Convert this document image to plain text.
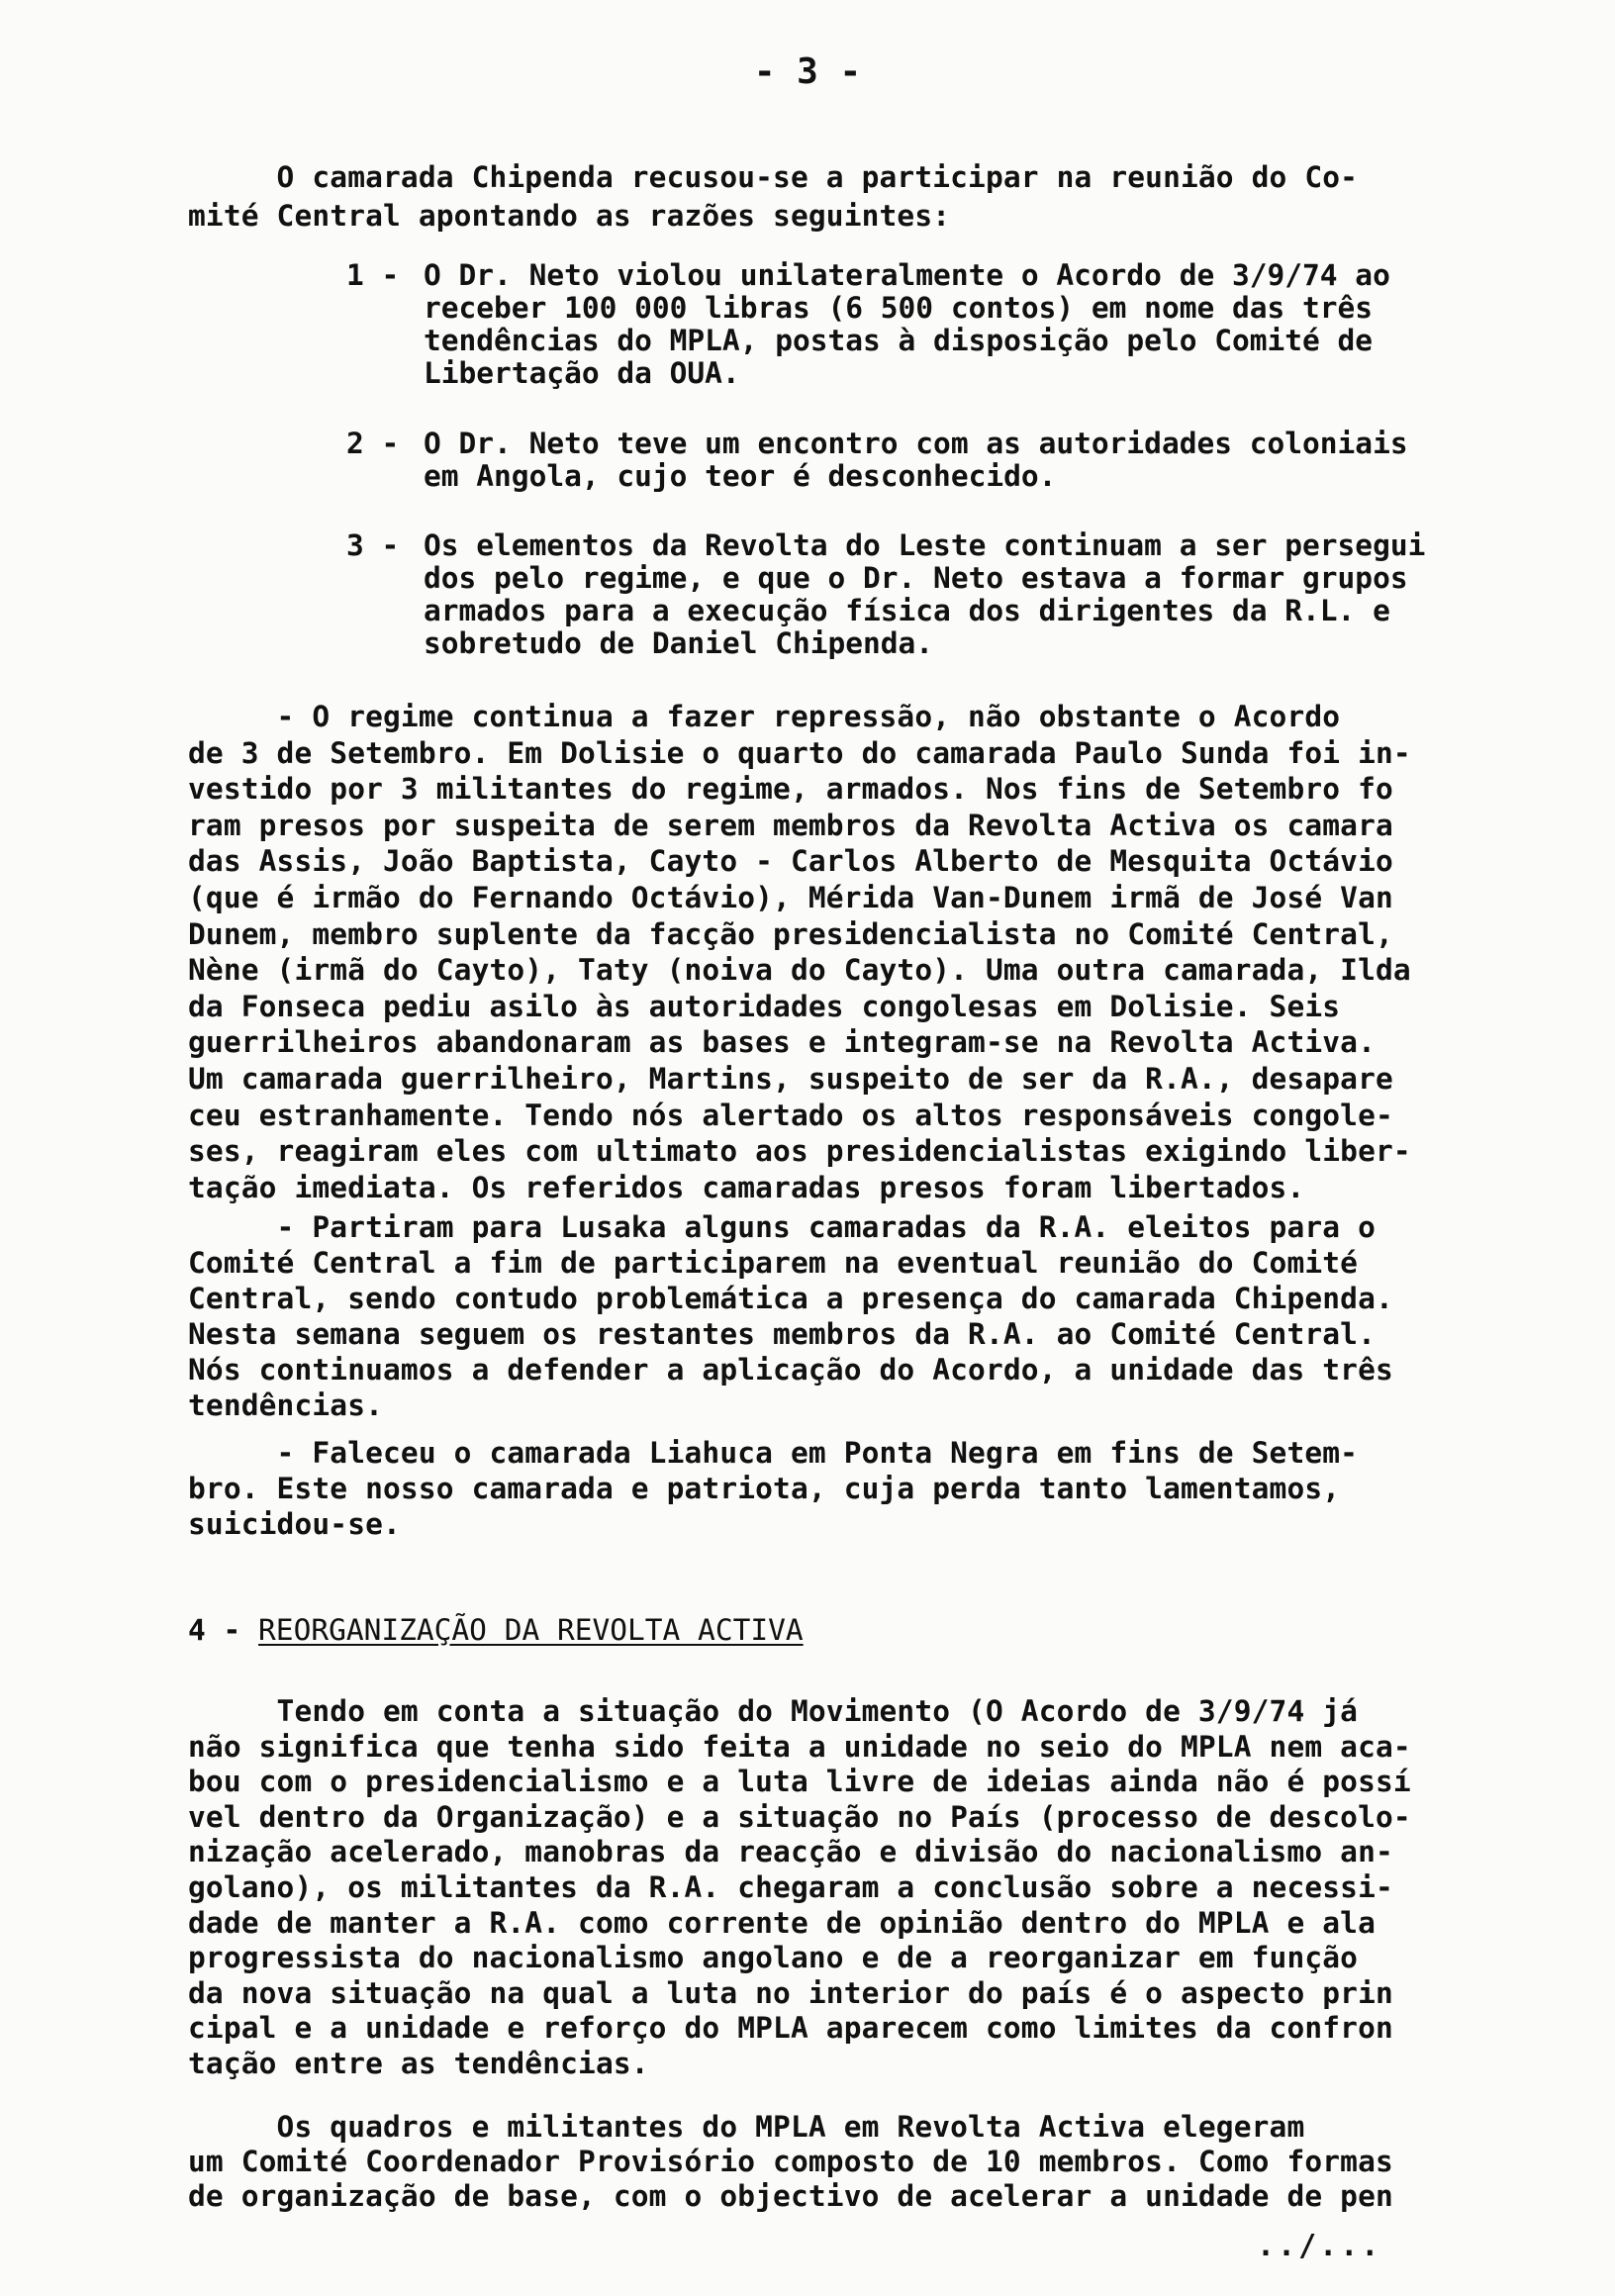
- 3 -
O camarada Chipenda recusou-se a participar na reunião do Co-
mité Central apontando as razões seguintes:
1 - O Dr. Neto violou unilateralmente o Acordo de 3/9/74 ao
receber 100 000 libras (6 500 contos) em nome das três
tendências do MPLA, postas à disposição pelo Comité de
Libertação da OUA.
2 - O Dr. Neto teve um encontro com as autoridades coloniais
em Angola, cujo teor é desconhecido.
3 - Os elementos da Revolta do Leste continuam a ser persegui
dos pelo regime, e que o Dr. Neto estava a formar grupos
armados para a execução física dos dirigentes da R.L. e
sobretudo de Daniel Chipenda.
- O regime continua a fazer repressão, não obstante o Acordo
de 3 de Setembro. Em Dolisie o quarto do camarada Paulo Sunda foi in-
vestido por 3 militantes do regime, armados. Nos fins de Setembro fo
ram presos por suspeita de serem membros da Revolta Activa os camara
das Assis, João Baptista, Cayto - Carlos Alberto de Mesquita Octávio
(que é irmão do Fernando Octávio), Mérida Van-Dunem irmã de José Van
Dunem, membro suplente da facção presidencialista no Comité Central,
Nène (irmã do Cayto), Taty (noiva do Cayto). Uma outra camarada, Ilda
da Fonseca pediu asilo às autoridades congolesas em Dolisie. Seis
guerrilheiros abandonaram as bases e integram-se na Revolta Activa.
Um camarada guerrilheiro, Martins, suspeito de ser da R.A., desapare
ceu estranhamente. Tendo nós alertado os altos responsáveis congole-
ses, reagiram eles com ultimato aos presidencialistas exigindo liber-
tação imediata. Os referidos camaradas presos foram libertados.
- Partiram para Lusaka alguns camaradas da R.A. eleitos para o
Comité Central a fim de participarem na eventual reunião do Comité
Central, sendo contudo problemática a presença do camarada Chipenda.
Nesta semana seguem os restantes membros da R.A. ao Comité Central.
Nós continuamos a defender a aplicação do Acordo, a unidade das três
tendências.
- Faleceu o camarada Liahuca em Ponta Negra em fins de Setem-
bro. Este nosso camarada e patriota, cuja perda tanto lamentamos,
suicidou-se.
4 - REORGANIZAÇÃO DA REVOLTA ACTIVA
Tendo em conta a situação do Movimento (O Acordo de 3/9/74 já
não significa que tenha sido feita a unidade no seio do MPLA nem aca-
bou com o presidencialismo e a luta livre de ideias ainda não é possí
vel dentro da Organização) e a situação no País (processo de descolo-
nização acelerado, manobras da reacção e divisão do nacionalismo an-
golano), os militantes da R.A. chegaram a conclusão sobre a necessi-
dade de manter a R.A. como corrente de opinião dentro do MPLA e ala
progressista do nacionalismo angolano e de a reorganizar em função
da nova situação na qual a luta no interior do país é o aspecto prin
cipal e a unidade e reforço do MPLA aparecem como limites da confron
tação entre as tendências.
Os quadros e militantes do MPLA em Revolta Activa elegeram
um Comité Coordenador Provisório composto de 10 membros. Como formas
de organização de base, com o objectivo de acelerar a unidade de pen
../...
